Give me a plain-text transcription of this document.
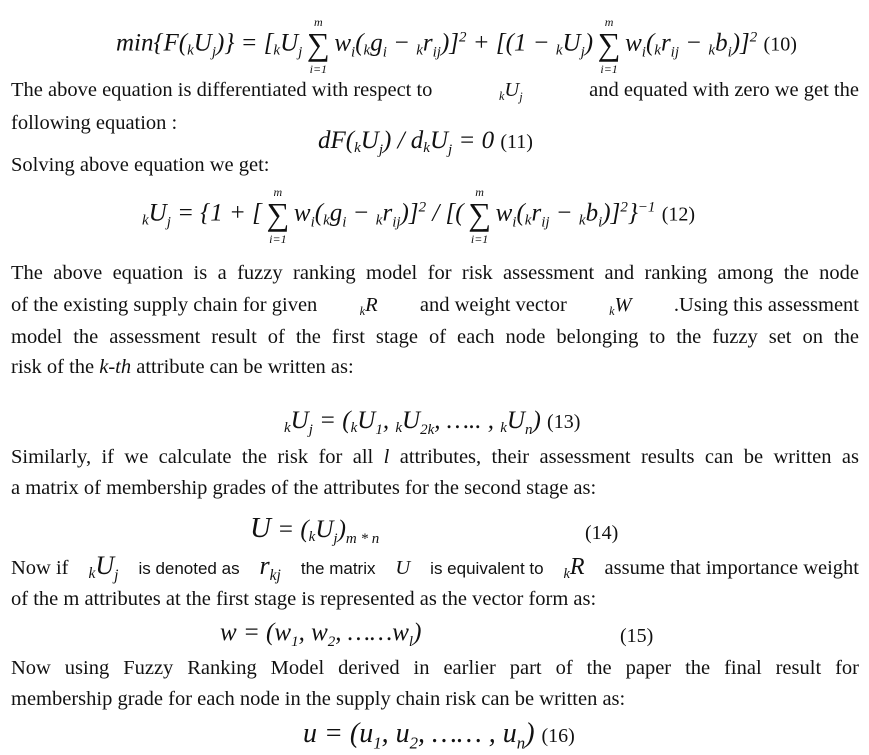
$\min\{F(kU_j)\} = [kU_j$
m
∑
i=1
$w_i(kg_i - kr_{ij})]^2 + [(1 - kU_j)$
m
∑
i=1
$w_i(kr_{ij} - kb_i)]^2$ (10)
The above equation is differentiated with respect to	$kU_j$	and equated with zero we get the
following equation :
$dF(kU_j) / dkU_j = 0$ (11)
Solving above equation we get:
$kU_j = \{1$ + [
m
∑
i=1
$w_i(kg_i - kr_{ij})]^2$ / [(
m
∑
i=1
$w_i(kr_{ij} - kb_i)]^2\}^{-1}$ (12)
The above equation is a fuzzy ranking model for risk assessment and ranking among the node
of the existing supply chain for given	kR and weight vector	kW .Using this assessment
model the assessment result of the first stage of each node belonging to the fuzzy set on the
risk of the k-th attribute can be written as:
$kU_j = (kU_1$, $kU_{2k}$, ….. , $kU_n$) (13)
Similarly, if we calculate the risk for all l attributes, their assessment results can be written as
a matrix of membership grades of the attributes for the second stage as:
$U = (kU_j)_{m * n}$	(14)
Now if $kU_j$ is denoted as $r_{kj}$ the matrix U is equivalent to kR assume that importance weight
of the m attributes at the first stage is represented as the vector form as:
$w = (w_1$, $w_2$, $\dots\dots w_l$)	(15)
Now using Fuzzy Ranking Model derived in earlier part of the paper the final result for
membership grade for each node in the supply chain risk can be written as:
$u = (u_1$, $u_2$, …… , $u_n$) (16)
